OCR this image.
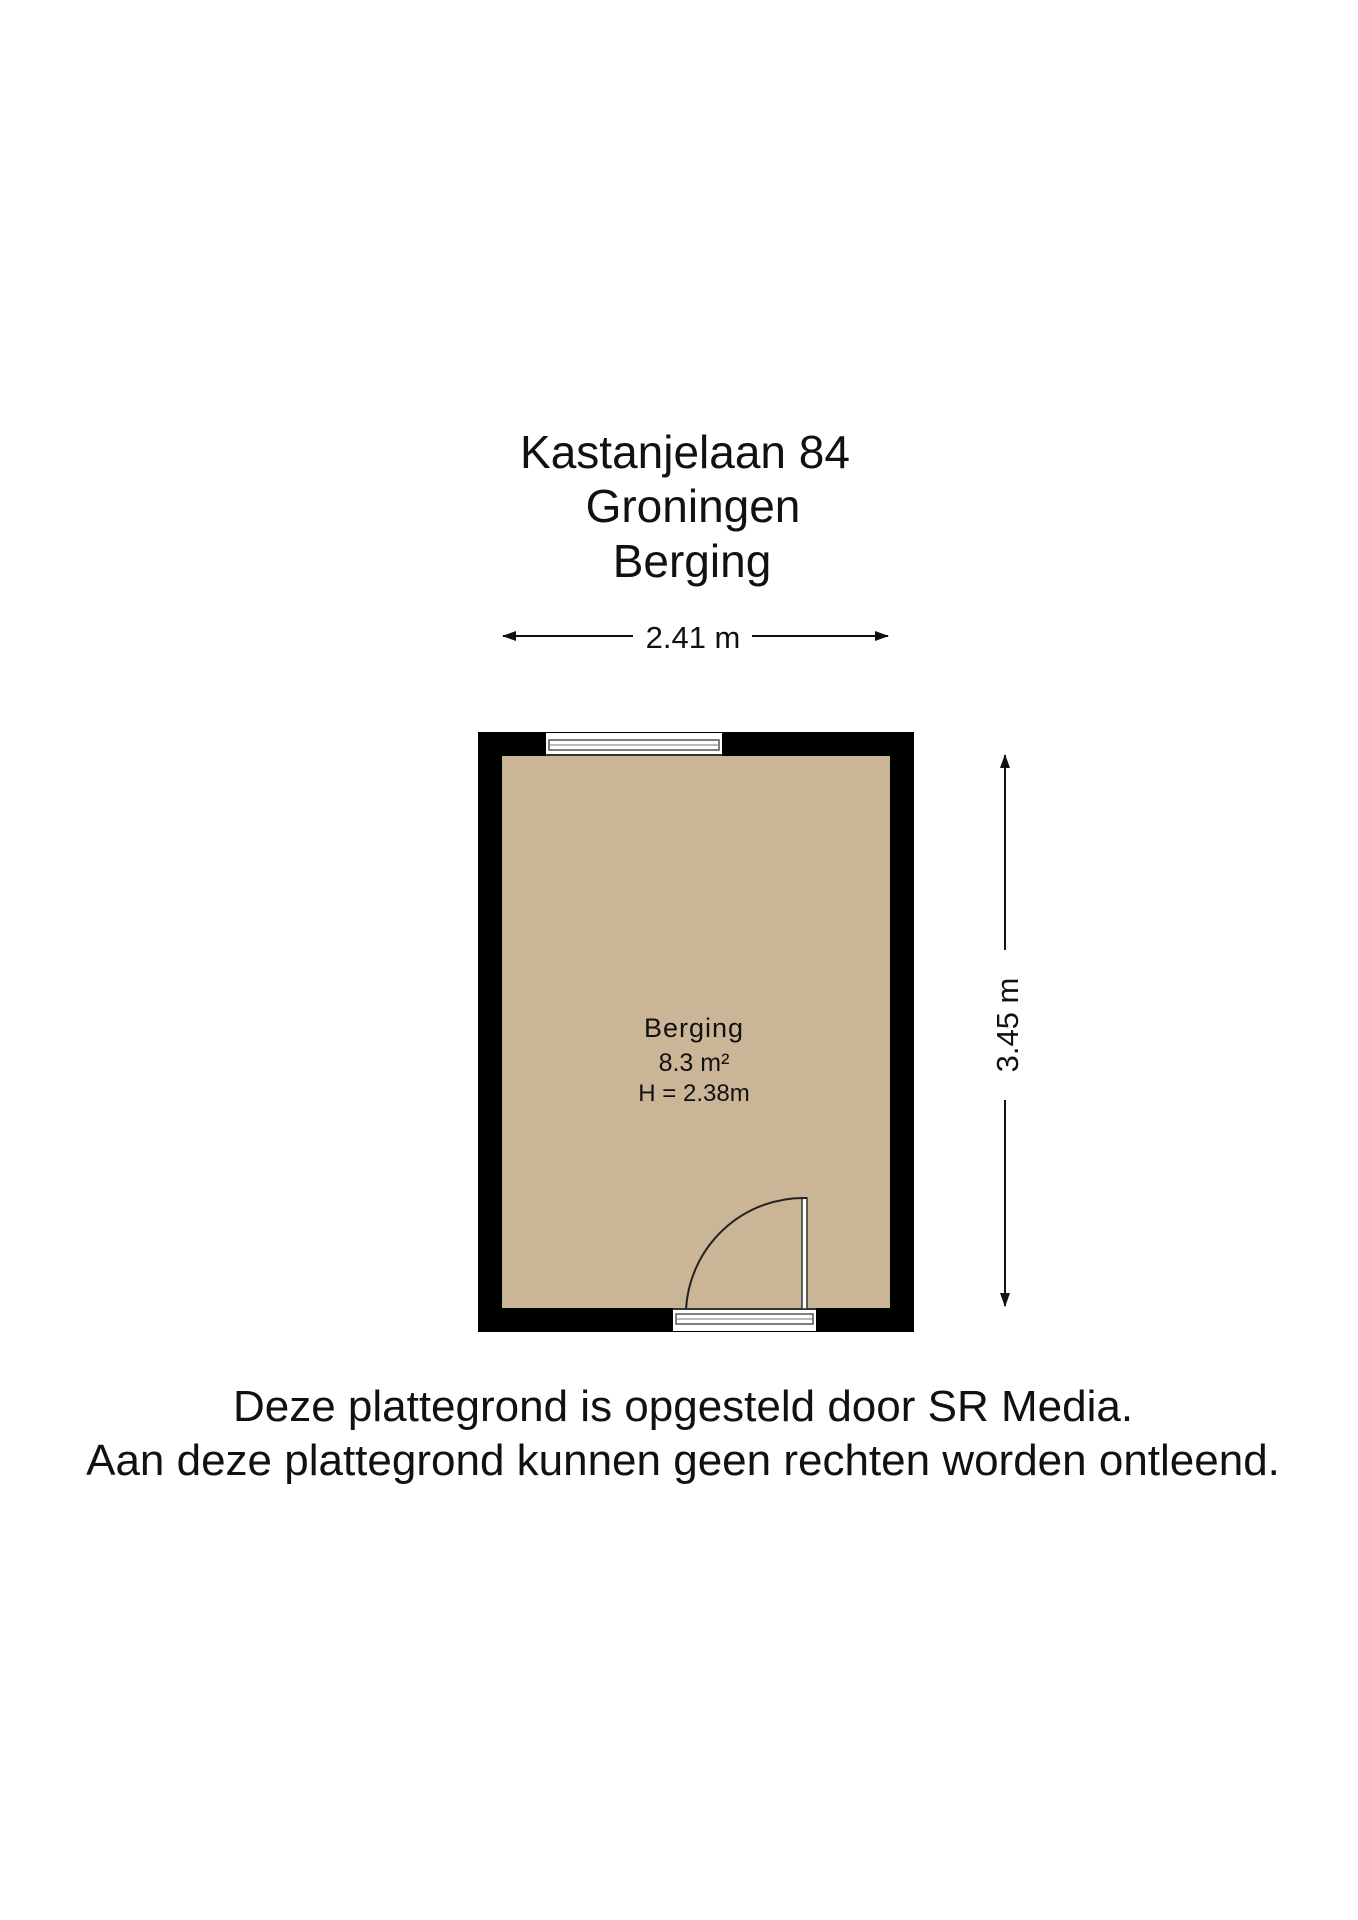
Kastanjelaan 84
Groningen
Berging
2.41 m
3.45 m
Berging
8.3 m²
H = 2.38m
Deze plattegrond is opgesteld door SR Media.
Aan deze plattegrond kunnen geen rechten worden ontleend.
